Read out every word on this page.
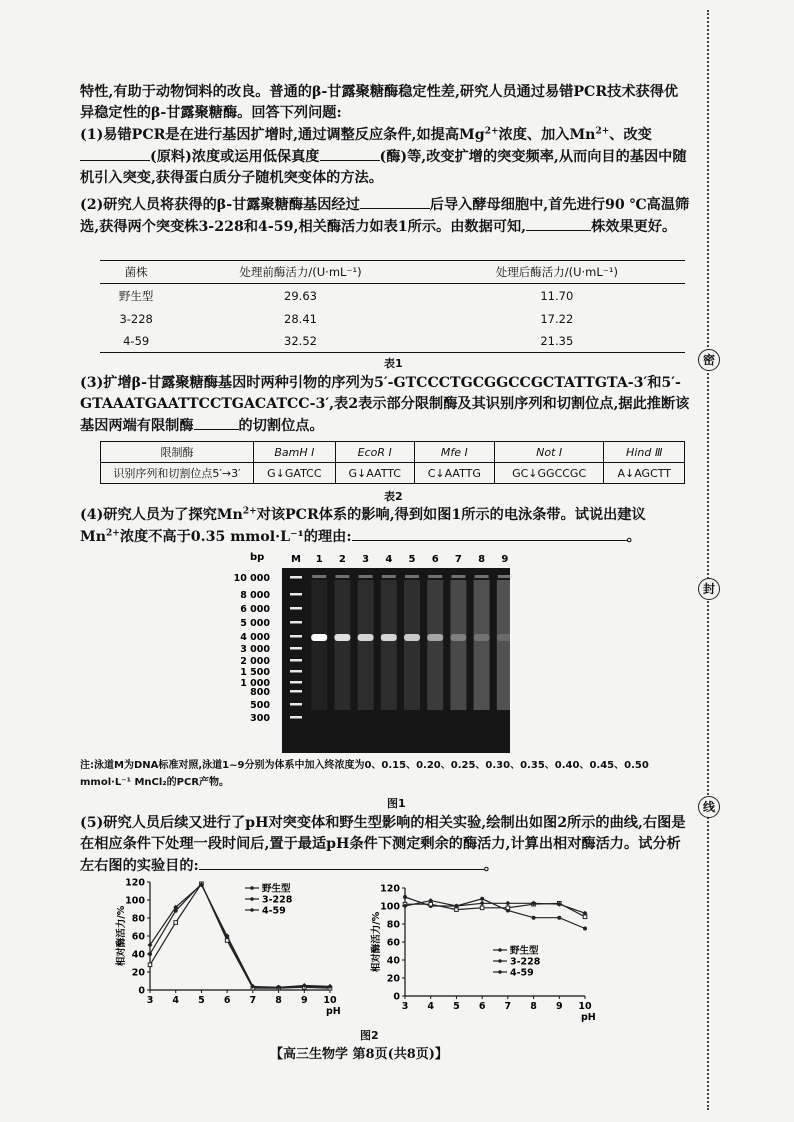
密
封
线
特性,有助于动物饲料的改良。普通的β-甘露聚糖酶稳定性差,研究人员通过易错PCR技术获得优异稳定性的β-甘露聚糖酶。回答下列问题:
(1)易错PCR是在进行基因扩增时,通过调整反应条件,如提高$Mg^{2+}$浓度、加入$Mn^{2+}$、改变(原料)浓度或运用低保真度	(酶)等,改变扩增的突变频率,从而向目的基因中随机引入突变,获得蛋白质分子随机突变体的方法。
(2)研究人员将获得的β-甘露聚糖酶基因经过	后导入酵母细胞中,首先进行90 ℃高温筛选,获得两个突变株3-228和4-59,相关酶活力如表1所示。由数据可知,	株效果更好。
菌株	处理前酶活力/(U·mL⁻¹)	处理后酶活力/(U·mL⁻¹)
野生型	29.63	11.70
3-228	28.41	17.22
4-59	32.52	21.35
表1
(3)扩增β-甘露聚糖酶基因时两种引物的序列为5′-GTCCCTGCGGCCGCTATTGTA-3′和5′-GTAAATGAATTCCTGACATCC-3′,表2表示部分限制酶及其识别序列和切割位点,据此推断该基因两端有限制酶	的切割位点。
限制酶	BamH Ⅰ	EcoR Ⅰ	Mfe Ⅰ	Not Ⅰ	Hind Ⅲ
识别序列和切割位点5′→3′	G↓GATCC	G↓AATTC	C↓AATTG	GC↓GGCCGC	A↓AGCTT
表2
(4)研究人员为了探究$Mn^{2+}$对该PCR体系的影响,得到如图1所示的电泳条带。试说出建议$Mn^{2+}$浓度不高于0.35 mmol·L⁻¹的理由:	。
bp	M 1 2 3 4 5 6 7 8 9
10 000
8 000
6 000
5 000
4 000
3 000
2 000
1 500
1 000
800
500
300
注:泳道M为DNA标准对照,泳道1~9分别为体系中加入终浓度为0、0.15、0.20、0.25、0.30、0.35、0.40、0.45、0.50 mmol·L⁻¹ MnCl₂的PCR产物。
图1
(5)研究人员后续又进行了pH对突变体和野生型影响的相关实验,绘制出如图2所示的曲线,右图是在相应条件下处理一段时间后,置于最适pH条件下测定剩余的酶活力,计算出相对酶活力。试分析左右图的实验目的:	。
0
20
40
60
80
100
120
3 4 5 6 7 8 9 10
pH
相对酶活力/%
野生型
3-228
4-59
0
20
40
60
80
100
120
3 4 5 6 7 8 9 10
pH
相对酶活力/%	野生型
3-228
4-59
图2
【高三生物学 第8页(共8页)】
